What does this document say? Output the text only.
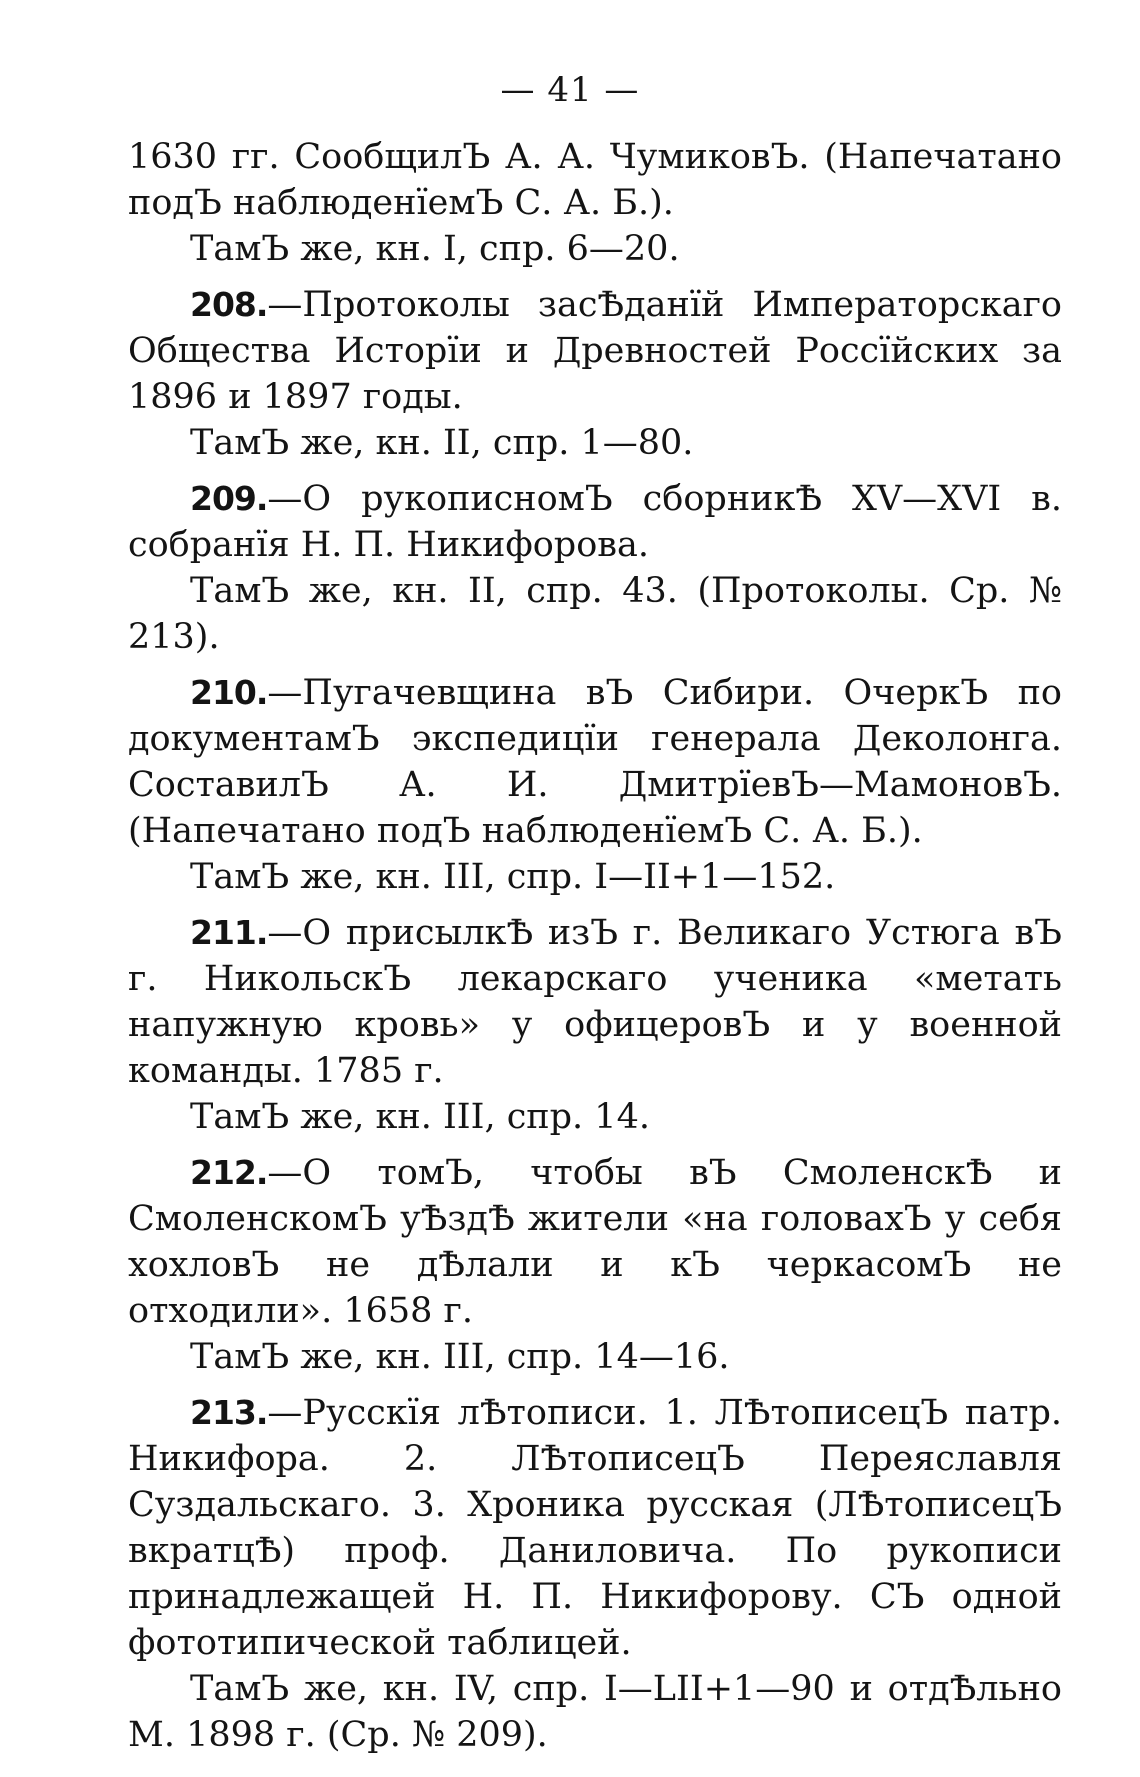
— 41 —

1630 гг. СообщилЪ А. А. ЧумиковЪ. (Напечатано подЪ наблюденïемЪ С. А. Б.).

ТамЪ же, кн. I, спр. 6—20.

208.—Протоколы засѢданïй Императорскаго Общества Исторïи и Древностей Россïйских за 1896 и 1897 годы.

ТамЪ же, кн. II, спр. 1—80.

209.—О рукописномЪ сборникѢ XV—XVI в. собранïя Н. П. Никифорова.

ТамЪ же, кн. II, спр. 43. (Протоколы. Ср. № 213).

210.—Пугачевщина вЪ Сибири. ОчеркЪ по документамЪ экспедицïи генерала Деколонга. СоставилЪ А. И. ДмитрïевЪ—МамоновЪ. (Напечатано подЪ наблюденïемЪ С. А. Б.).

ТамЪ же, кн. III, спр. I—II+1—152.

211.—О присылкѢ изЪ г. Великаго Устюга вЪ г. НикольскЪ лекарскаго ученика «метать напужную кровь» у офицеровЪ и у военной команды. 1785 г.

ТамЪ же, кн. III, спр. 14.

212.—О томЪ, чтобы вЪ СмоленскѢ и СмоленскомЪ уѢздѢ жители «на головахЪ у себя хохловЪ не дѢлали и кЪ черкасомЪ не отходили». 1658 г.

ТамЪ же, кн. III, спр. 14—16.

213.—Русскïя лѢтописи. 1. ЛѢтописецЪ патр. Никифора. 2. ЛѢтописецЪ Переяславля Суздальскаго. 3. Хроника русская (ЛѢтописецЪ вкратцѢ) проф. Даниловича. По рукописи принадлежащей Н. П. Никифорову. СЪ одной фототипической таблицей.

ТамЪ же, кн. IV, спр. I—LII+1—90 и отдѢльно М. 1898 г. (Ср. № 209).
